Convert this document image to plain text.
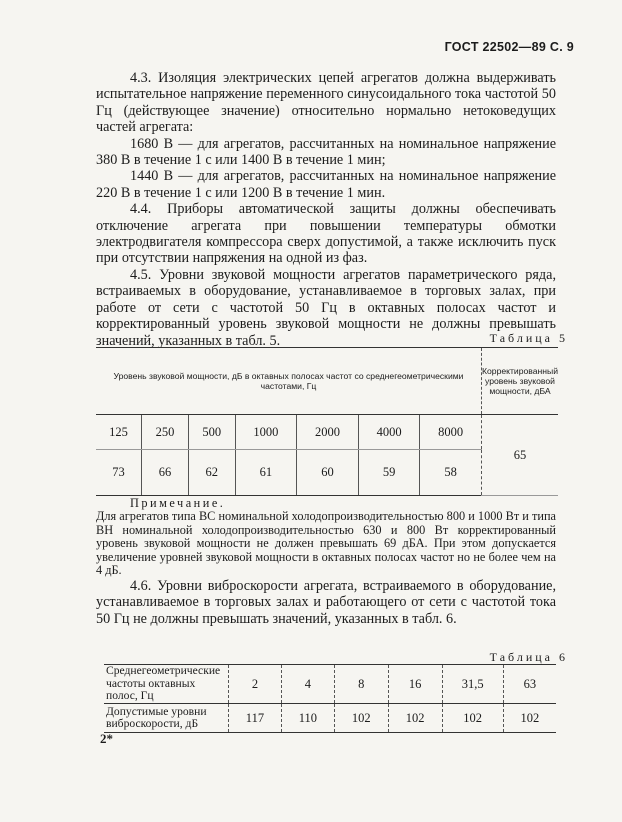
ГОСТ 22502—89 С. 9

4.3. Изоляция электрических цепей агрегатов должна выдерживать испытательное напряжение переменного синусоидального тока частотой 50 Гц (действующее значение) относительно нормально нетоковедущих частей агрегата:

1680 В — для агрегатов, рассчитанных на номинальное напряжение 380 В в течение 1 с или 1400 В в течение 1 мин;

1440 В — для агрегатов, рассчитанных на номинальное напряжение 220 В в течение 1 с или 1200 В в течение 1 мин.

4.4. Приборы автоматической защиты должны обеспечивать отключение агрегата при повышении температуры обмотки электродвигателя компрессора сверх допустимой, а также исключить пуск при отсутствии напряжения на одной из фаз.

4.5. Уровни звуковой мощности агрегатов параметрического ряда, встраиваемых в оборудование, устанавливаемое в торговых залах, при работе от сети с частотой 50 Гц в октавных полосах частот и корректированный уровень звуковой мощности не должны превышать значений, указанных в табл. 5.	Таблица 5
Уровень звуковой мощности, дБ в октавных полосах частот со среднегеометрическими частотами, Гц							Корректированный уровень звуковой мощности, дБА
125	250	500	1000	2000	4000	8000	65
73	66	62	61	60	59	58	

Примечание.

Для агрегатов типа ВС номинальной холодопроизводительностью 800 и 1000 Вт и типа ВН номинальной холодопроизводительностью 630 и 800 Вт корректированный уровень звуковой мощности не должен превышать 69 дБА. При этом допускается увеличение уровней звуковой мощности в октавных полосах частот но не более чем на 4 дБ.

4.6. Уровни виброскорости агрегата, встраиваемого в оборудование, устанавливаемое в торговых залах и работающего от сети с частотой тока 50 Гц не должны превышать значений, указанных в табл. 6.

Таблица 6
Среднегеометрические частоты октавных полос, Гц	2	4	8	16	31,5	63
Допустимые уровни виброскорости, дБ	117	110	102	102	102	102
2*
